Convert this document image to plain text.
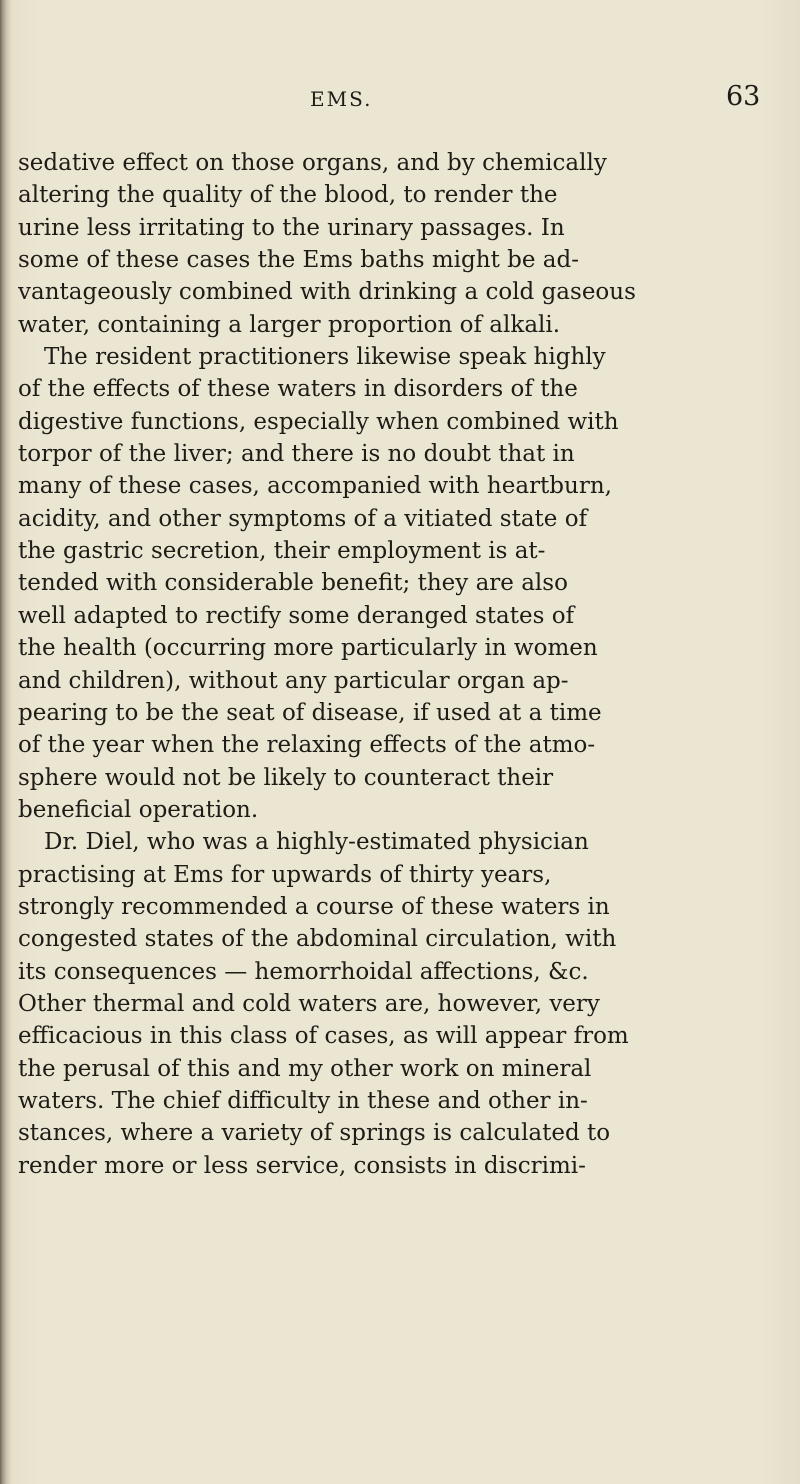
EMS.	63
sedative effect on those organs, and by chemically
altering the quality of the blood, to render the
urine less irritating to the urinary passages. In
some of these cases the Ems baths might be ad-
vantageously combined with drinking a cold gaseous
water, containing a larger proportion of alkali.
The resident practitioners likewise speak highly
of the effects of these waters in disorders of the
digestive functions, especially when combined with
torpor of the liver; and there is no doubt that in
many of these cases, accompanied with heartburn,
acidity, and other symptoms of a vitiated state of
the gastric secretion, their employment is at-
tended with considerable benefit; they are also
well adapted to rectify some deranged states of
the health (occurring more particularly in women
and children), without any particular organ ap-
pearing to be the seat of disease, if used at a time
of the year when the relaxing effects of the atmo-
sphere would not be likely to counteract their
beneficial operation.
Dr. Diel, who was a highly-estimated physician
practising at Ems for upwards of thirty years,
strongly recommended a course of these waters in
congested states of the abdominal circulation, with
its consequences — hemorrhoidal affections, &c.
Other thermal and cold waters are, however, very
efficacious in this class of cases, as will appear from
the perusal of this and my other work on mineral
waters. The chief difficulty in these and other in-
stances, where a variety of springs is calculated to
render more or less service, consists in discrimi-
